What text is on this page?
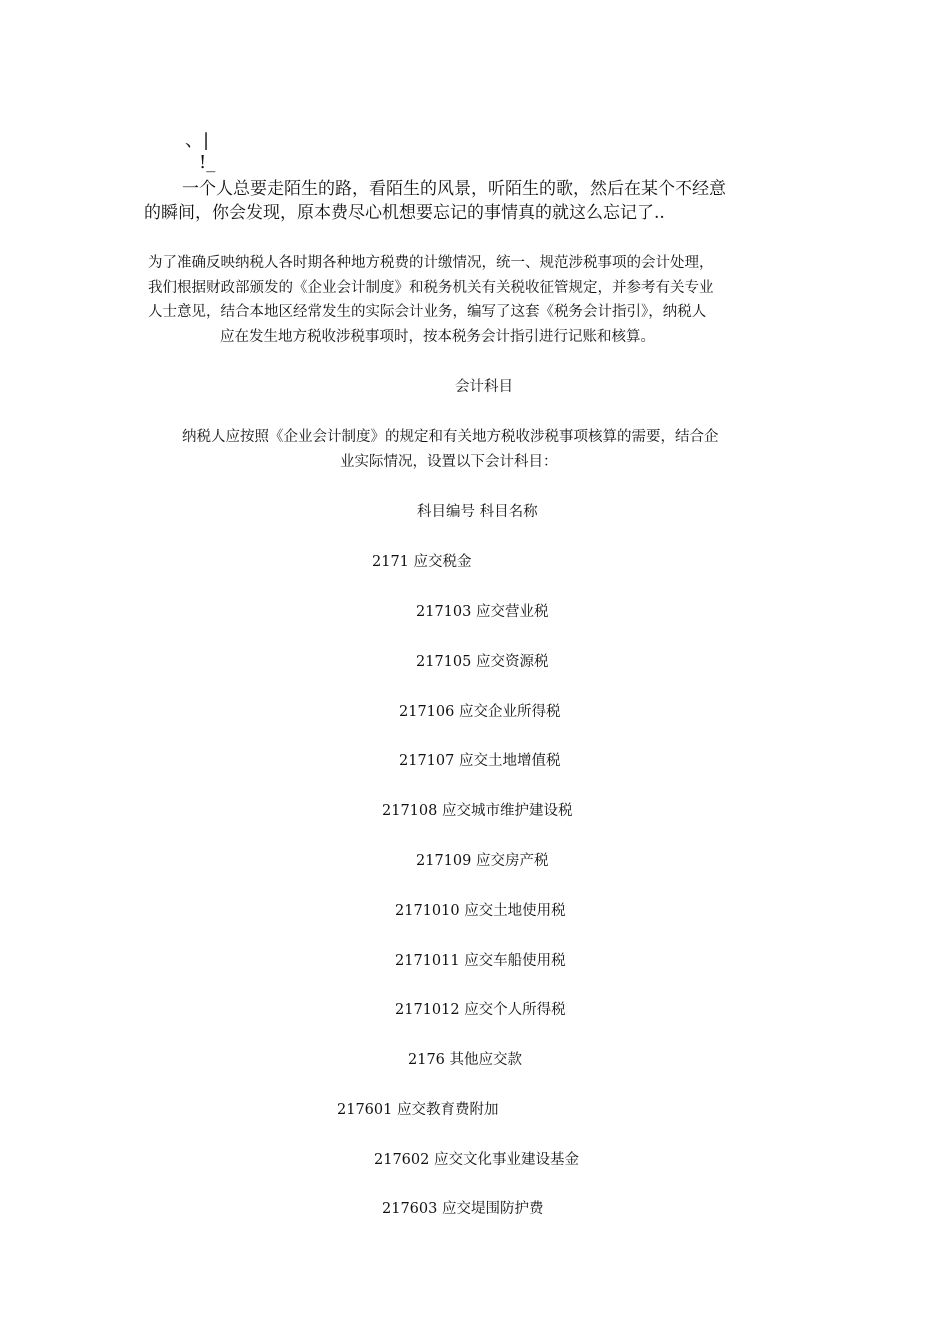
、|

!_

一个人总要走陌生的路，看陌生的风景，听陌生的歌，然后在某个不经意

的瞬间，你会发现，原本费尽心机想要忘记的事情真的就这么忘记了..

为了准确反映纳税人各时期各种地方税费的计缴情况，统一、规范涉税事项的会计处理，

我们根据财政部颁发的《企业会计制度》和税务机关有关税收征管规定，并参考有关专业

人士意见，结合本地区经常发生的实际会计业务，编写了这套《税务会计指引》，纳税人

应在发生地方税收涉税事项时，按本税务会计指引进行记账和核算。

会计科目

纳税人应按照《企业会计制度》的规定和有关地方税收涉税事项核算的需要，结合企

业实际情况，设置以下会计科目：

科目编号 科目名称

2171 应交税金
217103 应交营业税
217105 应交资源税
217106 应交企业所得税
217107 应交土地增值税
217108 应交城市维护建设税
217109 应交房产税
2171010 应交土地使用税
2171011 应交车船使用税
2171012 应交个人所得税
2176 其他应交款
217601 应交教育费附加
217602 应交文化事业建设基金
217603 应交堤围防护费
